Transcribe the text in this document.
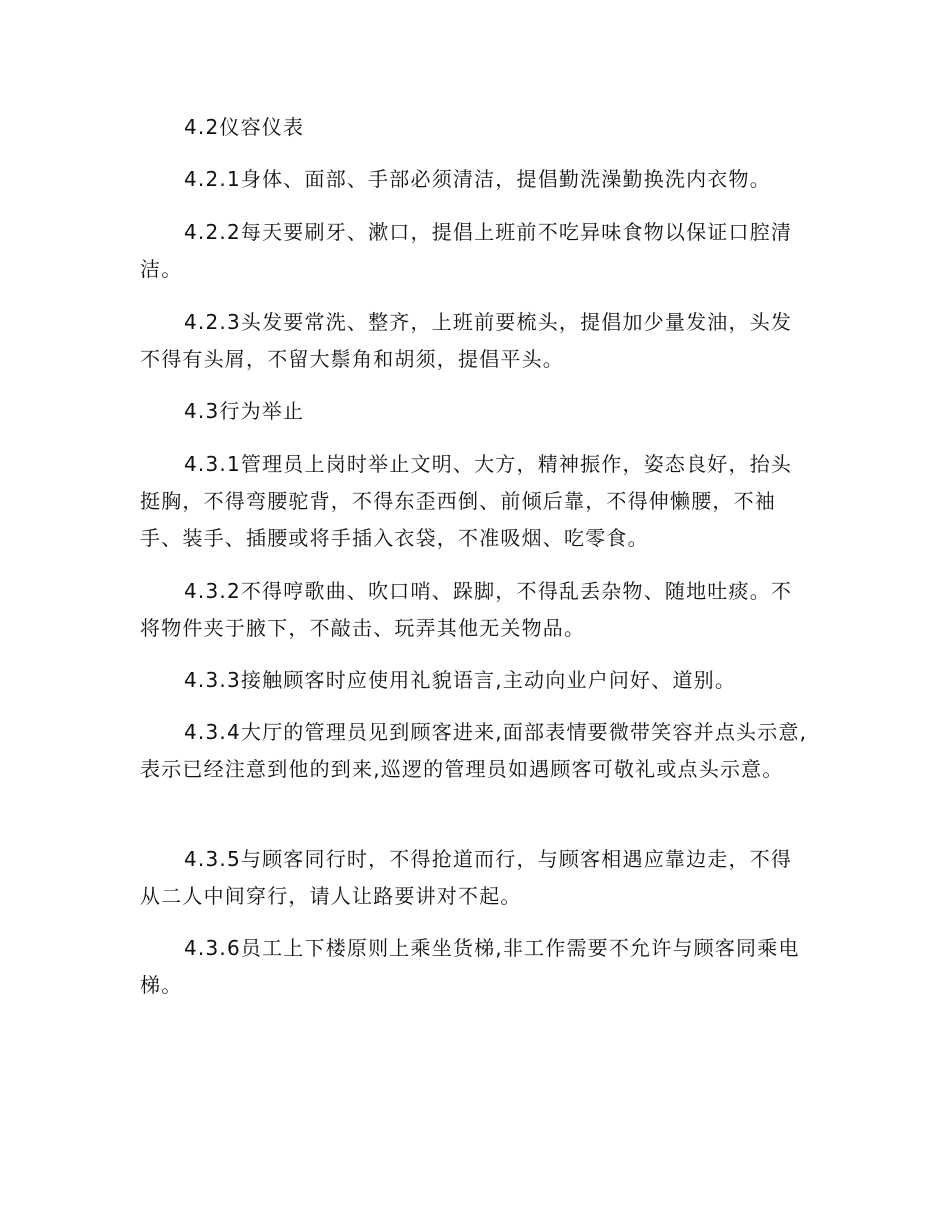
4.2仪容仪表

4.2.1身体、面部、手部必须清洁，提倡勤洗澡勤换洗内衣物。

4.2.2每天要刷牙、漱口，提倡上班前不吃异味食物以保证口腔清洁。

4.2.3头发要常洗、整齐，上班前要梳头，提倡加少量发油，头发不得有头屑，不留大鬃角和胡须，提倡平头。

4.3行为举止

4.3.1管理员上岗时举止文明、大方，精神振作，姿态良好，抬头挺胸，不得弯腰驼背，不得东歪西倒、前倾后靠，不得伸懒腰，不袖手、装手、插腰或将手插入衣袋，不准吸烟、吃零食。

4.3.2不得哼歌曲、吹口哨、跺脚，不得乱丢杂物、随地吐痰。不将物件夹于腋下，不敲击、玩弄其他无关物品。

4.3.3接触顾客时应使用礼貌语言,主动向业户问好、道别。

4.3.4大厅的管理员见到顾客进来,面部表情要微带笑容并点头示意,表示已经注意到他的到来,巡逻的管理员如遇顾客可敬礼或点头示意。

4.3.5与顾客同行时，不得抢道而行，与顾客相遇应靠边走，不得从二人中间穿行，请人让路要讲对不起。

4.3.6员工上下楼原则上乘坐货梯,非工作需要不允许与顾客同乘电梯。
